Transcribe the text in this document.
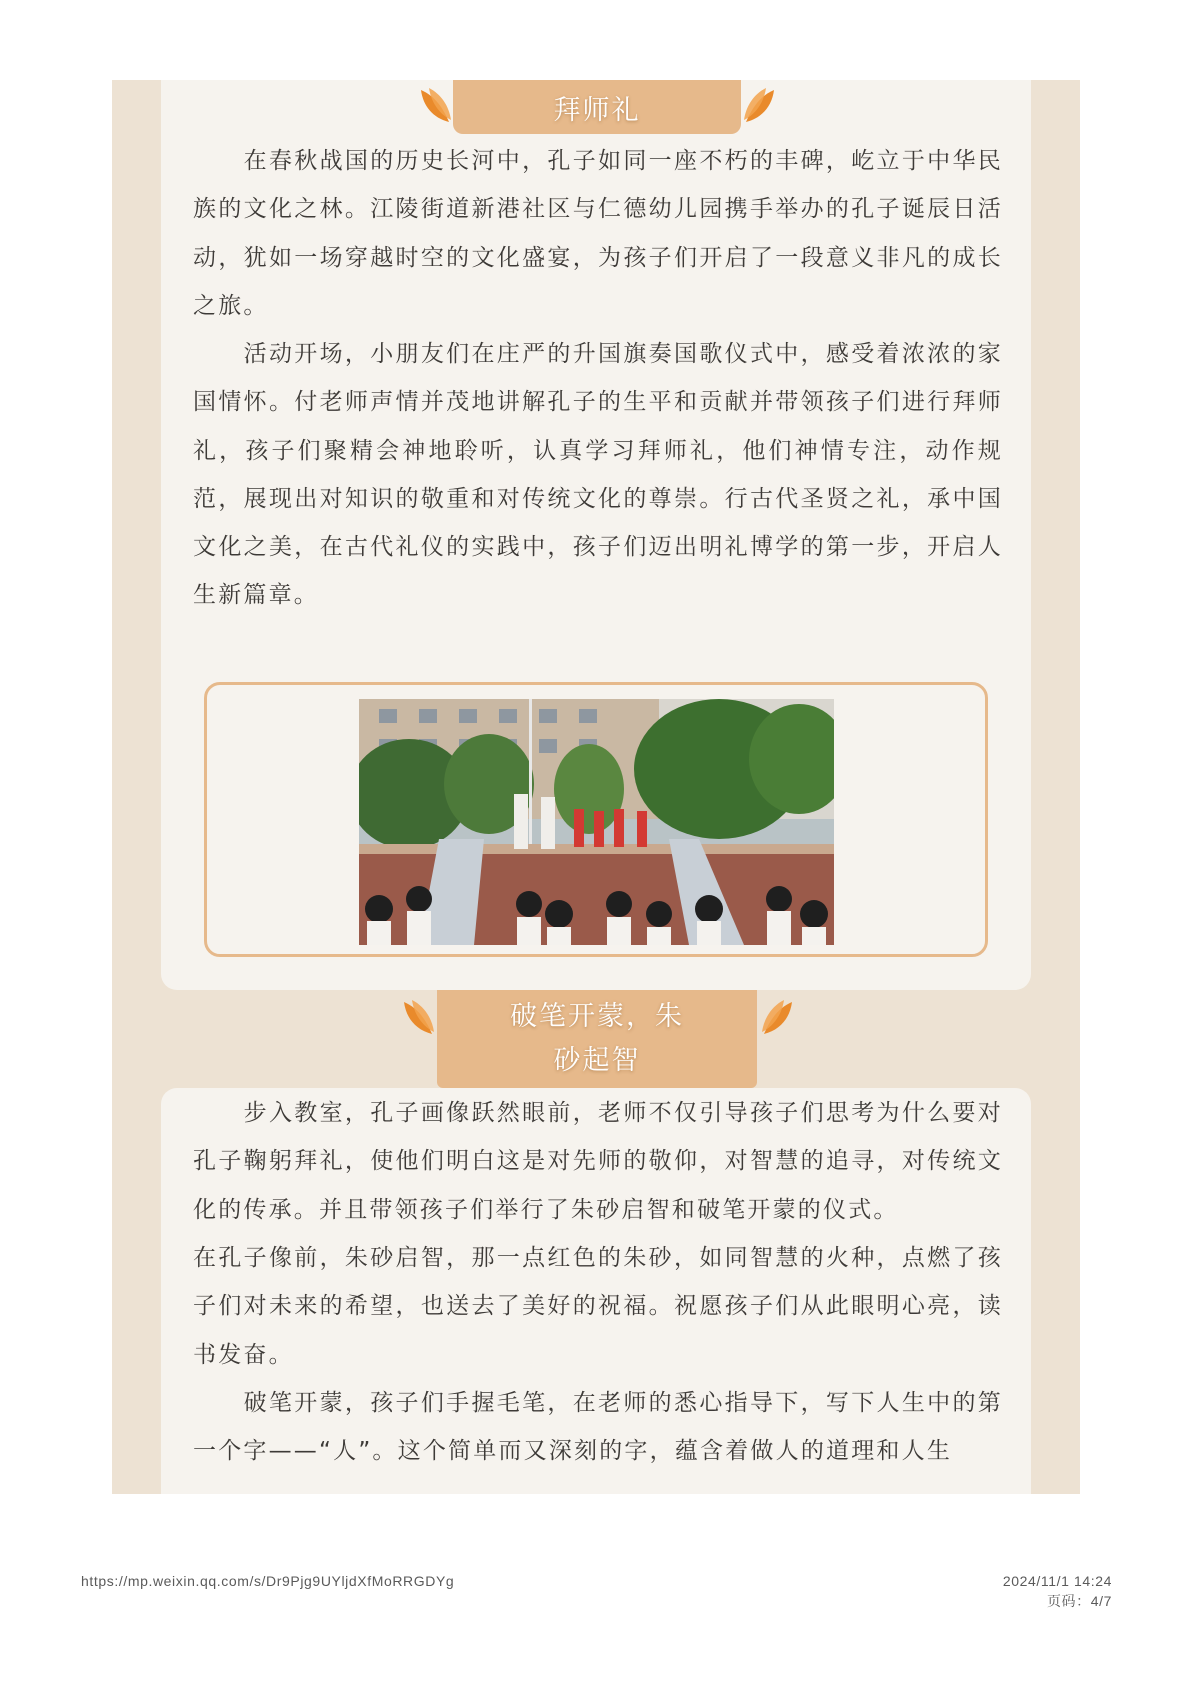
拜师礼

　　在春秋战国的历史长河中，孔子如同一座不朽的丰碑，屹立于中华民族的文化之林。江陵街道新港社区与仁德幼儿园携手举办的孔子诞辰日活动，犹如一场穿越时空的文化盛宴，为孩子们开启了一段意义非凡的成长之旅。

　　活动开场，小朋友们在庄严的升国旗奏国歌仪式中，感受着浓浓的家国情怀。付老师声情并茂地讲解孔子的生平和贡献并带领孩子们进行拜师礼，孩子们聚精会神地聆听，认真学习拜师礼，他们神情专注，动作规范，展现出对知识的敬重和对传统文化的尊崇。行古代圣贤之礼，承中国文化之美，在古代礼仪的实践中，孩子们迈出明礼博学的第一步，开启人生新篇章。

破笔开蒙，朱
砂起智

　　步入教室，孔子画像跃然眼前，老师不仅引导孩子们思考为什么要对孔子鞠躬拜礼，使他们明白这是对先师的敬仰，对智慧的追寻，对传统文化的传承。并且带领孩子们举行了朱砂启智和破笔开蒙的仪式。

在孔子像前，朱砂启智，那一点红色的朱砂，如同智慧的火种，点燃了孩子们对未来的希望，也送去了美好的祝福。祝愿孩子们从此眼明心亮，读书发奋。

　　破笔开蒙，孩子们手握毛笔，在老师的悉心指导下，写下人生中的第一个字——“人”。这个简单而又深刻的字，蕴含着做人的道理和人生

https://mp.weixin.qq.com/s/Dr9Pjg9UYljdXfMoRRGDYg	2024/11/1 14:24
页码：4/7
